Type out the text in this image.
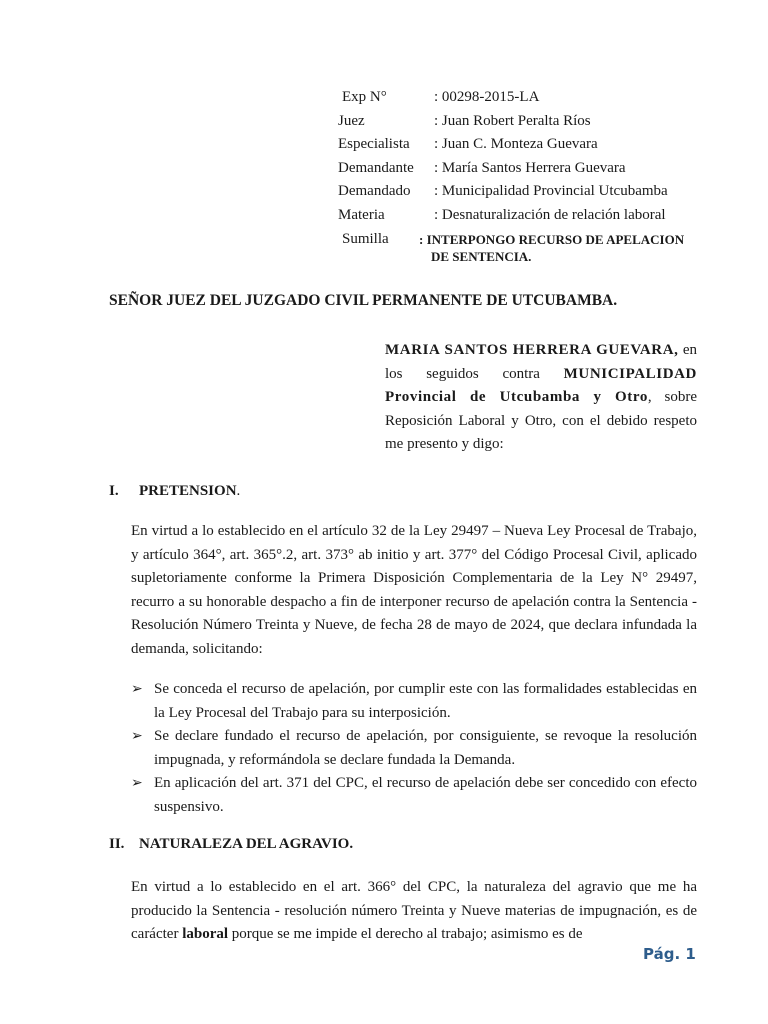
Exp N°	: 00298-2015-LA
Juez	: Juan Robert Peralta Ríos
Especialista : Juan C. Monteza Guevara
Demandante : María Santos Herrera Guevara
Demandado : Municipalidad Provincial Utcubamba
Materia	: Desnaturalización de relación laboral
Sumilla : INTERPONGO RECURSO DE APELACION
DE SENTENCIA.
SEÑOR JUEZ DEL JUZGADO CIVIL PERMANENTE DE UTCUBAMBA.
MARIA SANTOS HERRERA GUEVARA, en los seguidos contra MUNICIPALIDAD Provincial de Utcubamba y Otro, sobre Reposición Laboral y Otro, con el debido respeto me presento y digo:
I. PRETENSION.
En virtud a lo establecido en el artículo 32 de la Ley 29497 – Nueva Ley Procesal de Trabajo, y artículo 364°, art. 365°.2, art. 373° ab initio y art. 377° del Código Procesal Civil, aplicado supletoriamente conforme la Primera Disposición Complementaria de la Ley N° 29497, recurro a su honorable despacho a fin de interponer recurso de apelación contra la Sentencia - Resolución Número Treinta y Nueve, de fecha 28 de mayo de 2024, que declara infundada la demanda, solicitando:
➢ Se conceda el recurso de apelación, por cumplir este con las formalidades establecidas en la Ley Procesal del Trabajo para su interposición.
➢ Se declare fundado el recurso de apelación, por consiguiente, se revoque la resolución impugnada, y reformándola se declare fundada la Demanda.
➢ En aplicación del art. 371 del CPC, el recurso de apelación debe ser concedido con efecto suspensivo.
II. NATURALEZA DEL AGRAVIO.
En virtud a lo establecido en el art. 366° del CPC, la naturaleza del agravio que me ha producido la Sentencia - resolución número Treinta y Nueve materias de impugnación, es de carácter laboral porque se me impide el derecho al trabajo; asimismo es de
Pág. 1
